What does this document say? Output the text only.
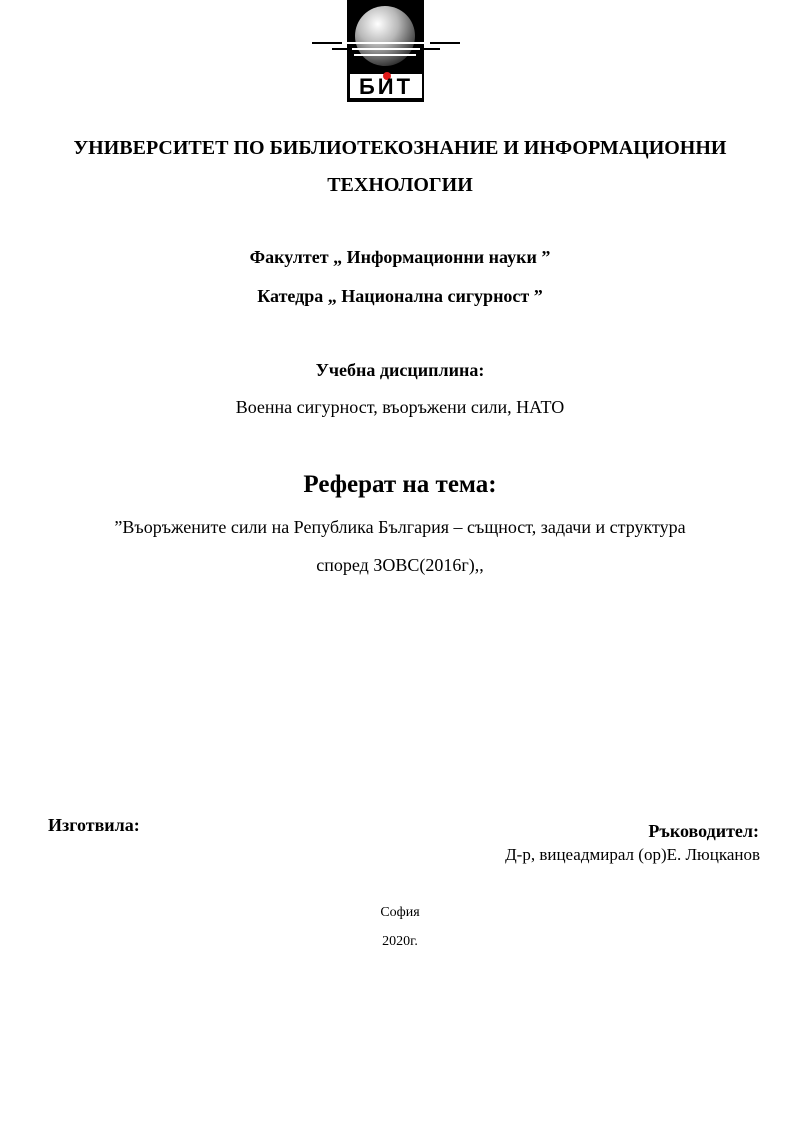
БИТ
УНИВЕРСИТЕТ ПО БИБЛИОТЕКОЗНАНИЕ И ИНФОРМАЦИОННИ
ТЕХНОЛОГИИ
Факултет „ Информационни науки ”
Катедра „ Национална сигурност ”
Учебна дисциплина:
Военна сигурност, въоръжени сили, НАТО
Реферат на тема:
”Въоръжените сили на Република България – същност, задачи и структура
според ЗОВС(2016г),,
Изготвила:	Ръководител:
Д-р, вицеадмирал (ор)Е. Люцканов
София
2020г.
